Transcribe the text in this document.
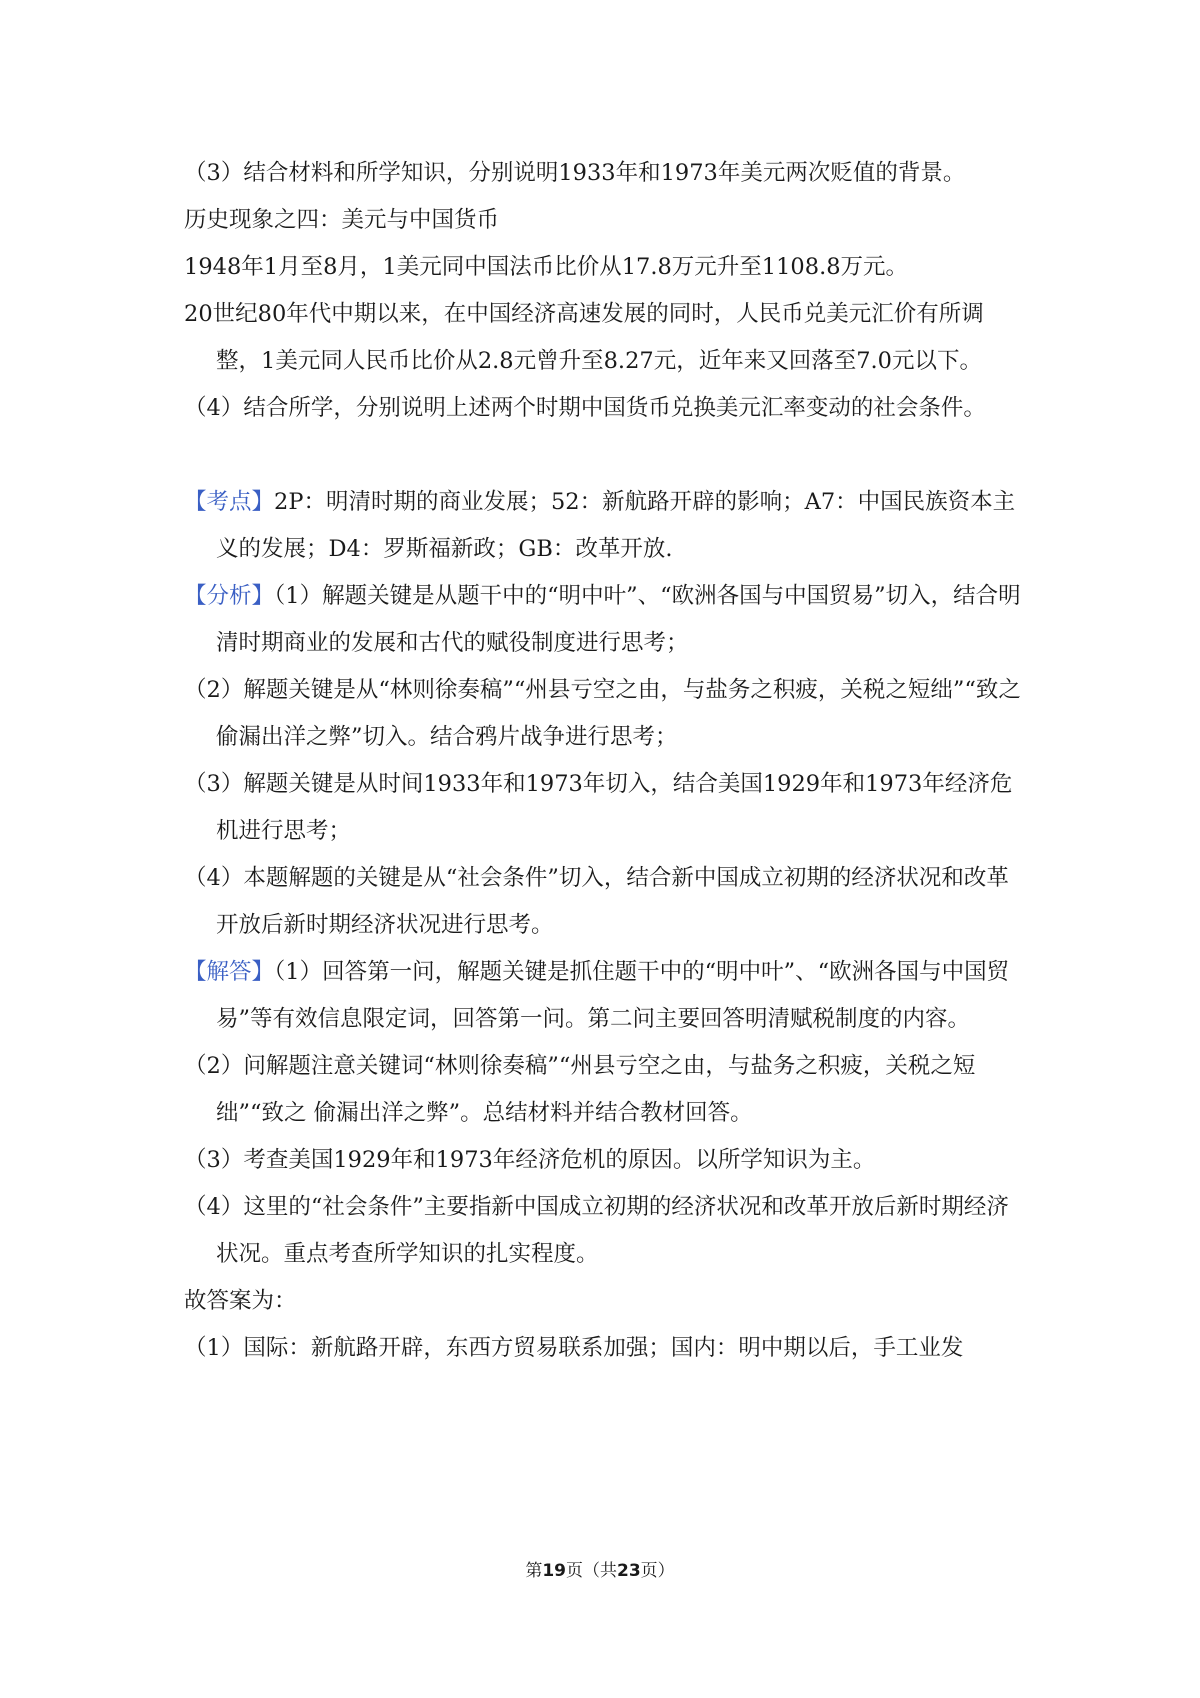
（3）结合材料和所学知识，分别说明1933年和1973年美元两次贬值的背景。

历史现象之四：美元与中国货币

1948年1月至8月，1美元同中国法币比价从17.8万元升至1108.8万元。

20世纪80年代中期以来，在中国经济高速发展的同时，人民币兑美元汇价有所调整，1美元同人民币比价从2.8元曾升至8.27元，近年来又回落至7.0元以下。

（4）结合所学，分别说明上述两个时期中国货币兑换美元汇率变动的社会条件。

【考点】2P：明清时期的商业发展；52：新航路开辟的影响；A7：中国民族资本主义的发展；D4：罗斯福新政；GB：改革开放.

【分析】（1）解题关键是从题干中的“明中叶”、“欧洲各国与中国贸易”切入，结合明清时期商业的发展和古代的赋役制度进行思考；

（2）解题关键是从“林则徐奏稿”“州县亏空之由，与盐务之积疲，关税之短绌”“致之 偷漏出洋之弊”切入。结合鸦片战争进行思考；

（3）解题关键是从时间1933年和1973年切入，结合美国1929年和1973年经济危机进行思考；

（4）本题解题的关键是从“社会条件”切入，结合新中国成立初期的经济状况和改革开放后新时期经济状况进行思考。

【解答】（1）回答第一问，解题关键是抓住题干中的“明中叶”、“欧洲各国与中国贸易”等有效信息限定词，回答第一问。第二问主要回答明清赋税制度的内容。

（2）问解题注意关键词“林则徐奏稿”“州县亏空之由，与盐务之积疲，关税之短绌”“致之 偷漏出洋之弊”。总结材料并结合教材回答。

（3）考查美国1929年和1973年经济危机的原因。以所学知识为主。

（4）这里的“社会条件”主要指新中国成立初期的经济状况和改革开放后新时期经济状况。重点考查所学知识的扎实程度。

故答案为：

（1）国际：新航路开辟，东西方贸易联系加强；国内：明中期以后，手工业发

第19页（共23页）
